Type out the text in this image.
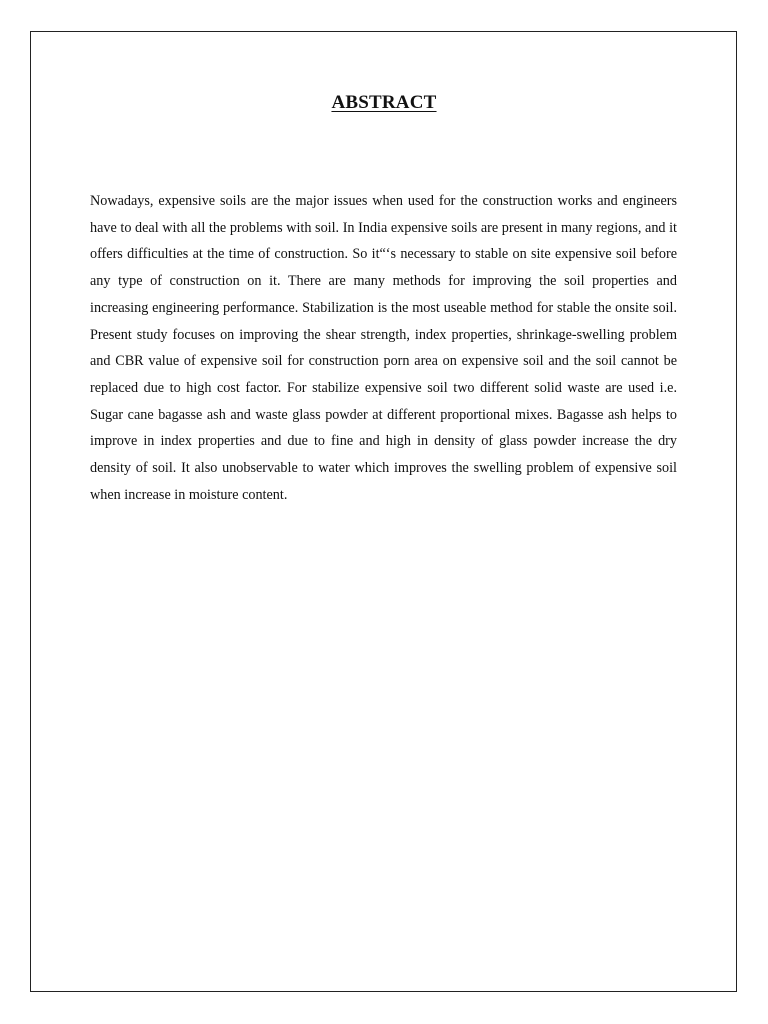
ABSTRACT

Nowadays, expensive soils are the major issues when used for the construction works and engineers have to deal with all the problems with soil. In India expensive soils are present in many regions, and it offers difficulties at the time of construction. So it“‘s necessary to stable on site expensive soil before any type of construction on it. There are many methods for improving the soil properties and increasing engineering performance. Stabilization is the most useable method for stable the onsite soil. Present study focuses on improving the shear strength, index properties, shrinkage-swelling problem and CBR value of expensive soil for construction porn area on expensive soil and the soil cannot be replaced due to high cost factor. For stabilize expensive soil two different solid waste are used i.e. Sugar cane bagasse ash and waste glass powder at different proportional mixes. Bagasse ash helps to improve in index properties and due to fine and high in density of glass powder increase the dry density of soil. It also unobservable to water which improves the swelling problem of expensive soil when increase in moisture content.
